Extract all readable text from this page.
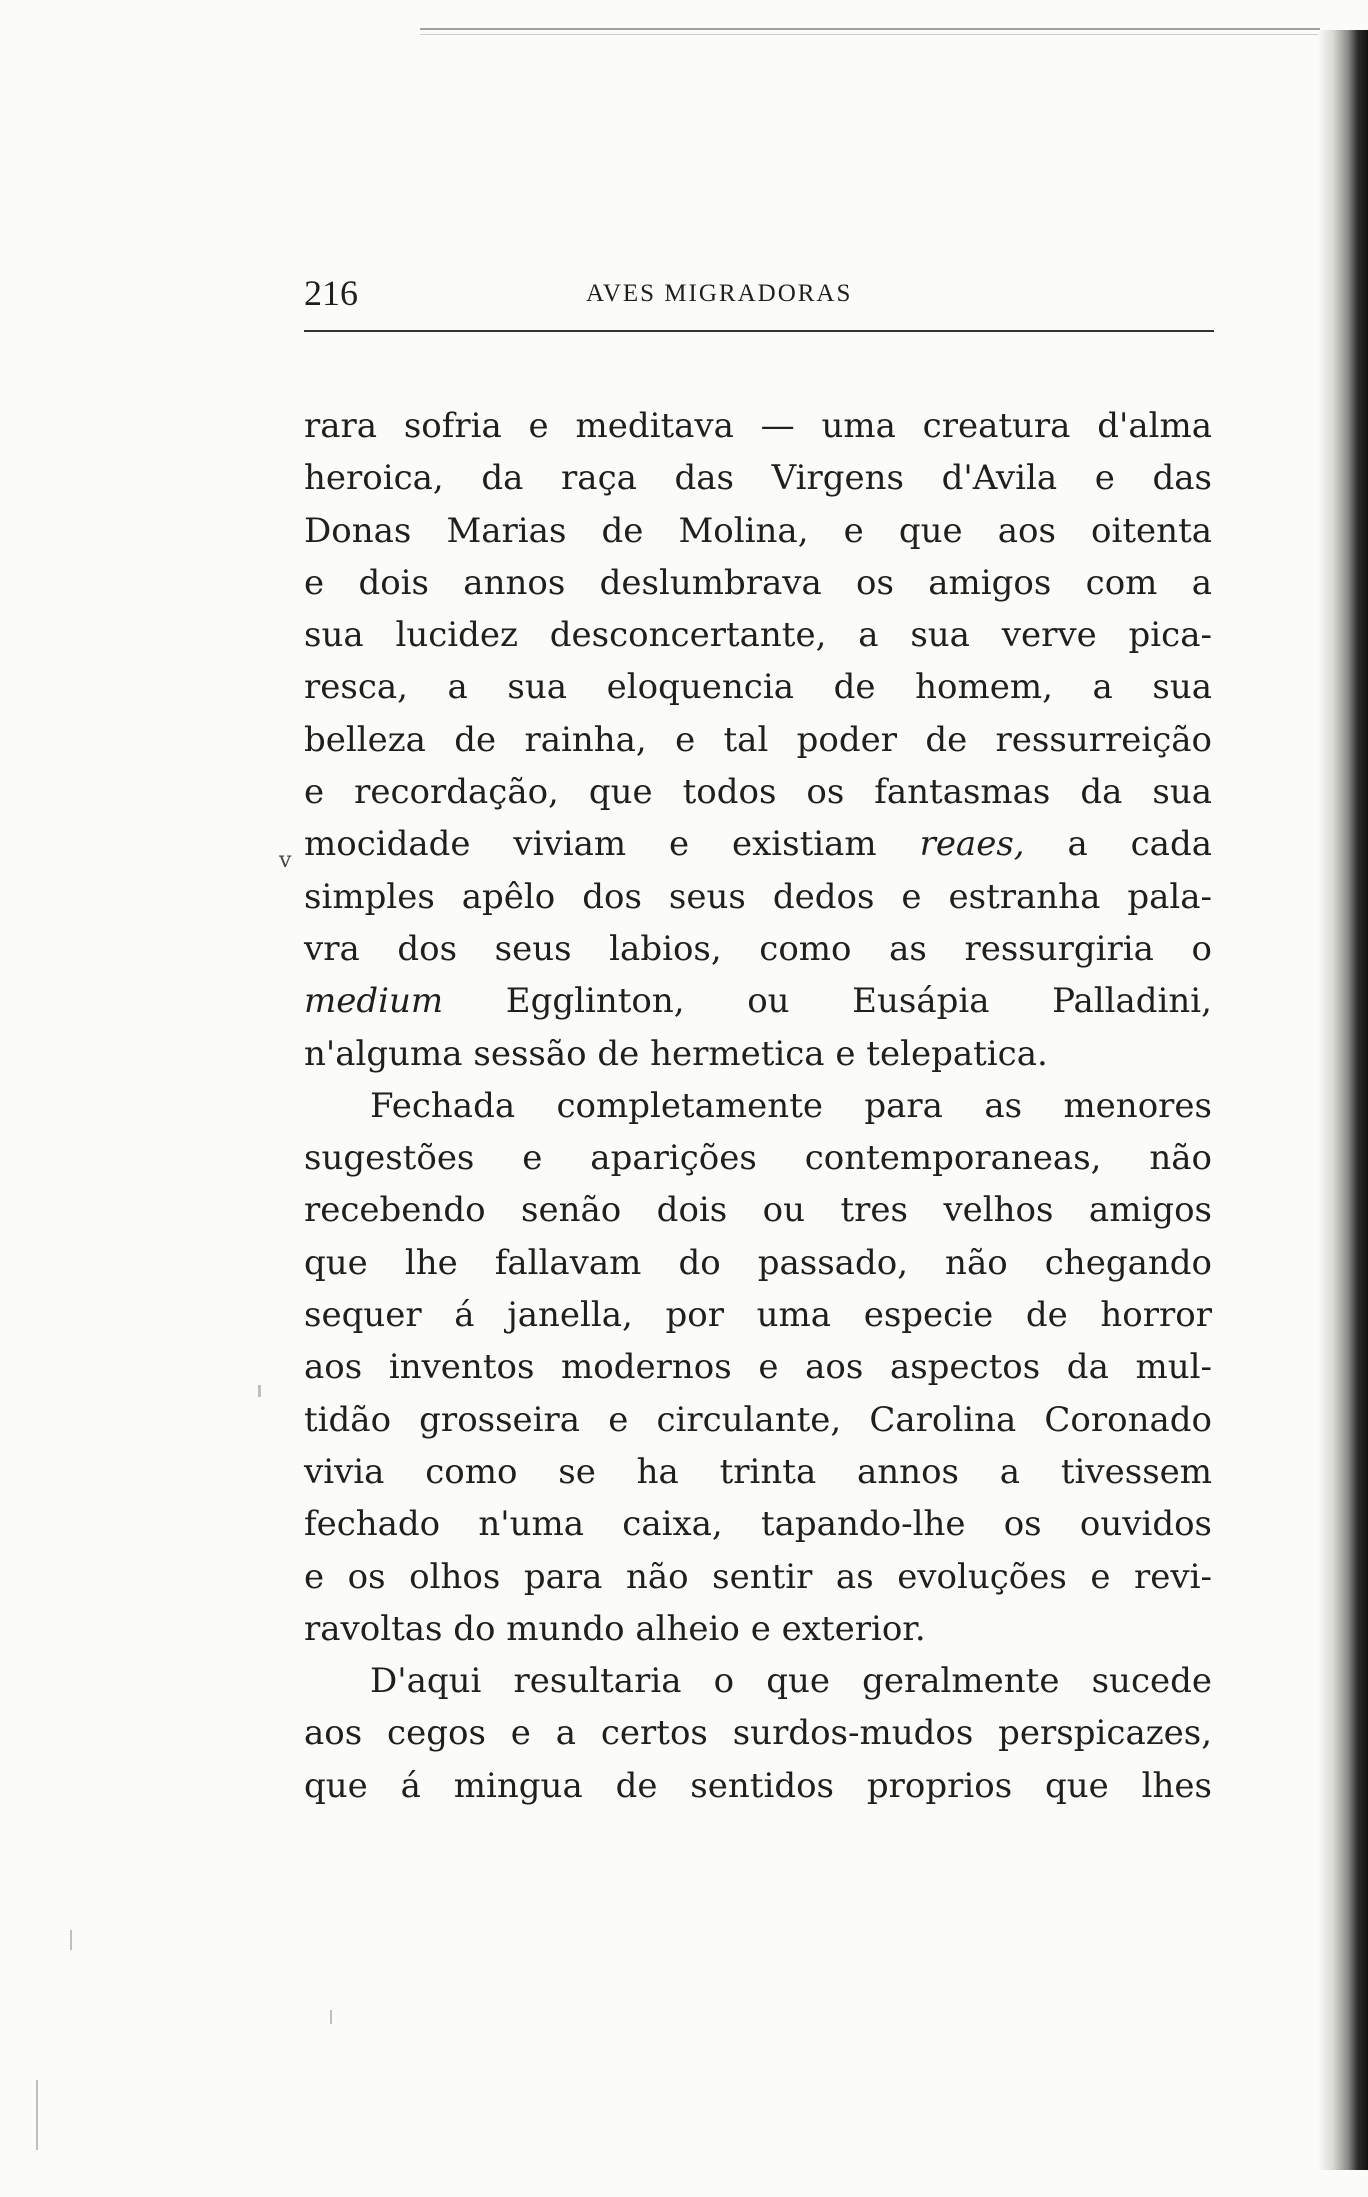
216	AVES MIGRADORAS
v
rara sofria e meditava — uma creatura d'alma
heroica, da raça das Virgens d'Avila e das
Donas Marias de Molina, e que aos oitenta
e dois annos deslumbrava os amigos com a
sua lucidez desconcertante, a sua verve pica-
resca, a sua eloquencia de homem, a sua
belleza de rainha, e tal poder de ressurreição
e recordação, que todos os fantasmas da sua
mocidade viviam e existiam reaes, a cada
simples apêlo dos seus dedos e estranha pala-
vra dos seus labios, como as ressurgiria o
medium Egglinton, ou Eusápia Palladini,
n'alguma sessão de hermetica e telepatica.
Fechada completamente para as menores
sugestões e aparições contemporaneas, não
recebendo senão dois ou tres velhos amigos
que lhe fallavam do passado, não chegando
sequer á janella, por uma especie de horror
aos inventos modernos e aos aspectos da mul-
tidão grosseira e circulante, Carolina Coronado
vivia como se ha trinta annos a tivessem
fechado n'uma caixa, tapando-lhe os ouvidos
e os olhos para não sentir as evoluções e revi-
ravoltas do mundo alheio e exterior.
D'aqui resultaria o que geralmente sucede
aos cegos e a certos surdos-mudos perspicazes,
que á mingua de sentidos proprios que lhes
